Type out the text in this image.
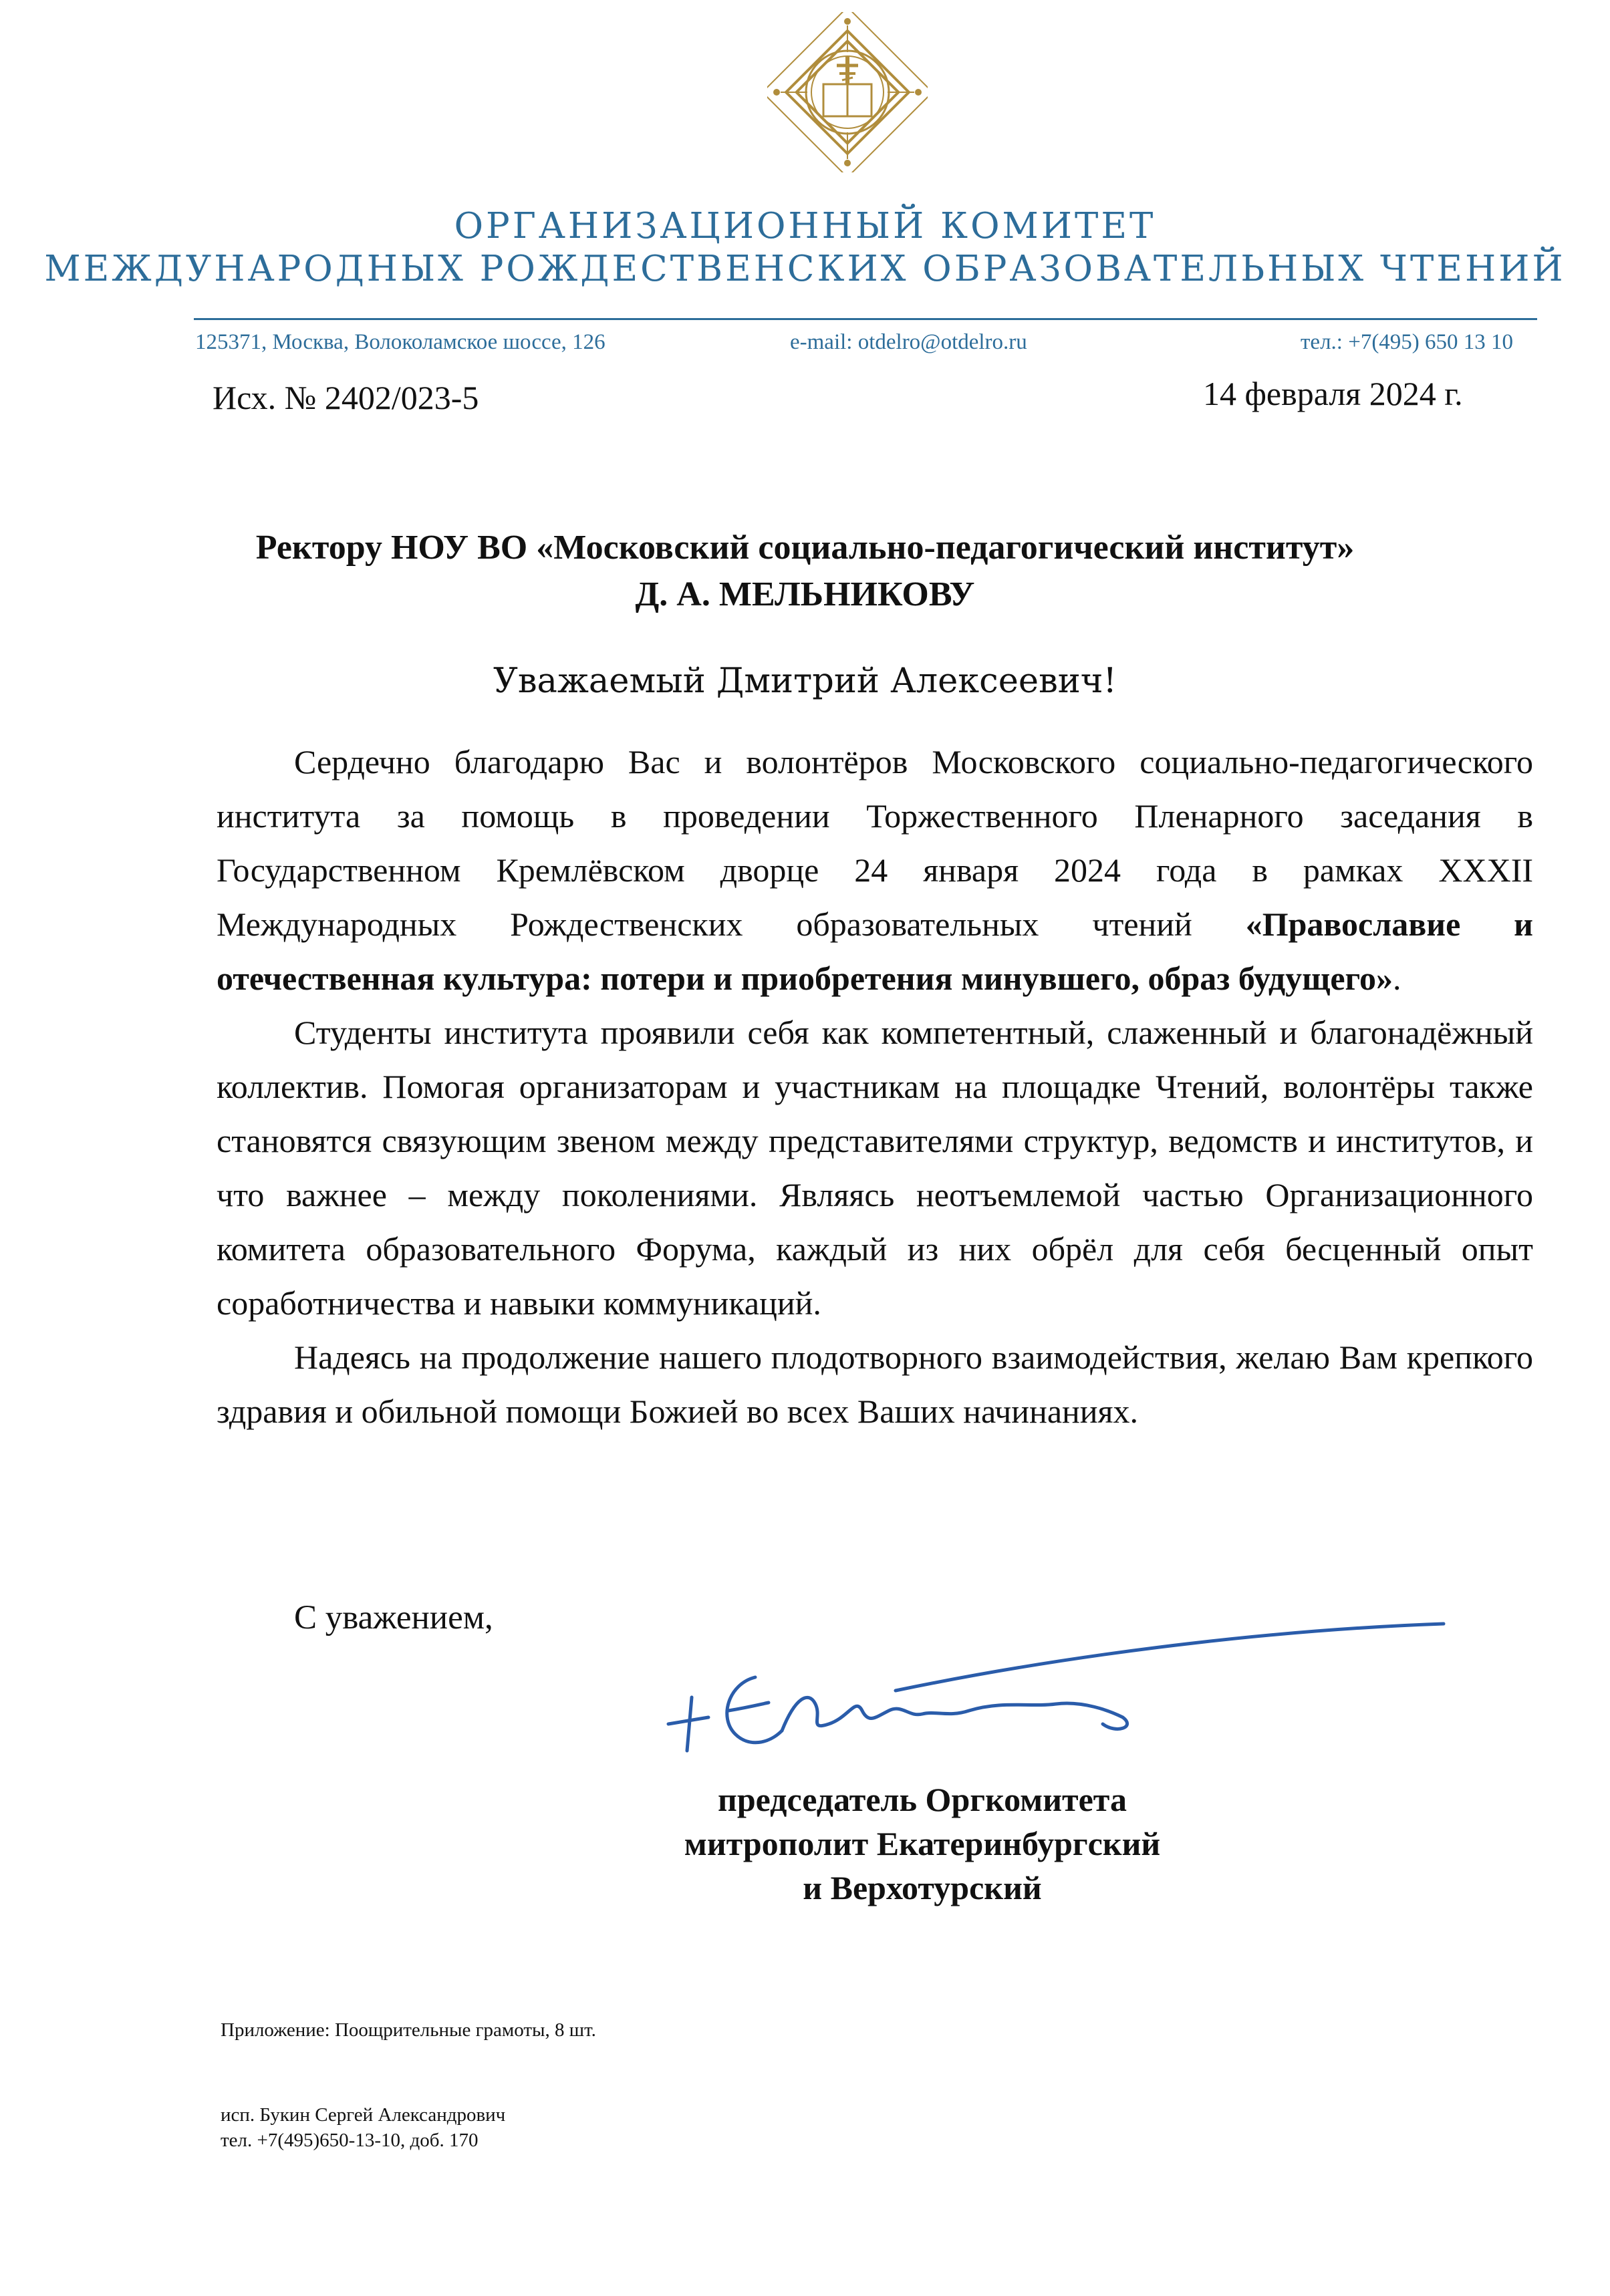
ОРГАНИЗАЦИОННЫЙ КОМИТЕТ
МЕЖДУНАРОДНЫХ РОЖДЕСТВЕНСКИХ ОБРАЗОВАТЕЛЬНЫХ ЧТЕНИЙ
125371, Москва, Волоколамское шоссе, 126	e-mail: otdelro@otdelro.ru	тел.: +7(495) 650 13 10
Исх. № 2402/023-5	14 февраля 2024 г.
Ректору НОУ ВО «Московский социально-педагогический институт»
Д. А. МЕЛЬНИКОВУ
Уважаемый Дмитрий Алексеевич!

Сердечно благодарю Вас и волонтёров Московского социально-педагогического института за помощь в проведении Торжественного Пленарного заседания в Государственном Кремлёвском дворце 24 января 2024 года в рамках XXXII Международных Рождественских образовательных чтений «Православие и отечественная культура: потери и приобретения минувшего, образ будущего».

Студенты института проявили себя как компетентный, слаженный и благонадёжный коллектив. Помогая организаторам и участникам на площадке Чтений, волонтёры также становятся связующим звеном между представителями структур, ведомств и институтов, и что важнее – между поколениями. Являясь неотъемлемой частью Организационного комитета образовательного Форума, каждый из них обрёл для себя бесценный опыт соработничества и навыки коммуникаций.

Надеясь на продолжение нашего плодотворного взаимодействия, желаю Вам крепкого здравия и обильной помощи Божией во всех Ваших начинаниях.

С уважением,
председатель Оргкомитета
митрополит Екатеринбургский
и Верхотурский
Приложение: Поощрительные грамоты, 8 шт.
исп. Букин Сергей Александрович
тел. +7(495)650-13-10, доб. 170
